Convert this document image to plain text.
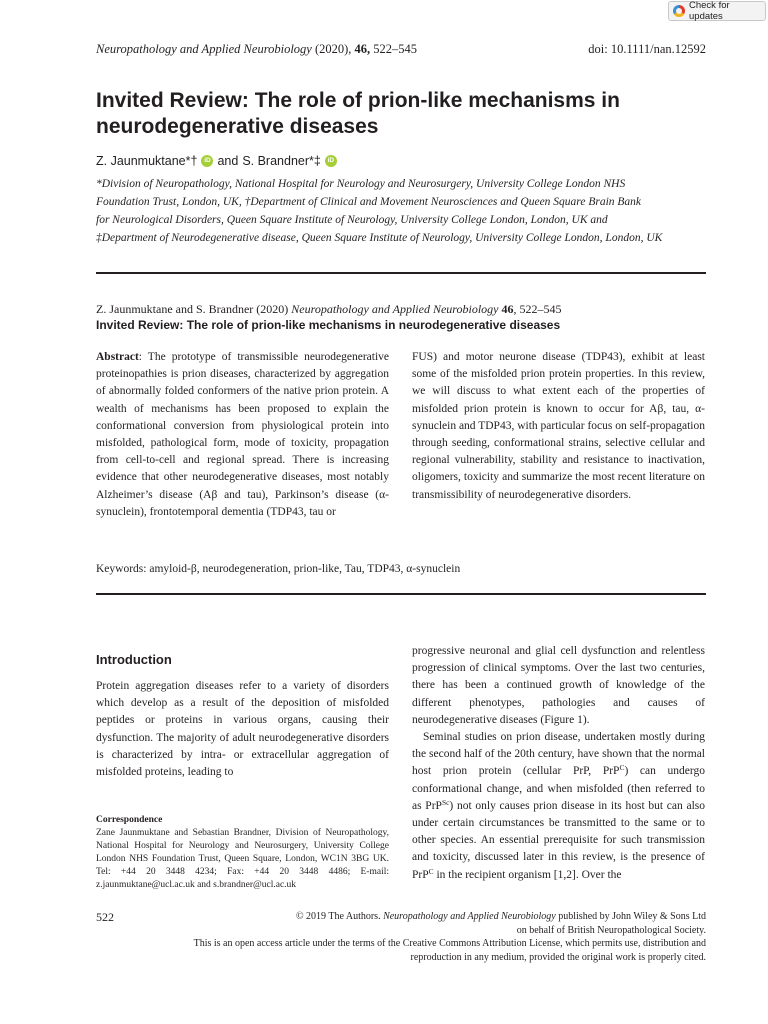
Check for updates
Neuropathology and Applied Neurobiology (2020), 46, 522–545	doi: 10.1111/nan.12592
Invited Review: The role of prion-like mechanisms in neurodegenerative diseases
Z. Jaunmuktane*†	iD and S. Brandner*‡	iD
*Division of Neuropathology, National Hospital for Neurology and Neurosurgery, University College London NHS
Foundation Trust, London, UK, †Department of Clinical and Movement Neurosciences and Queen Square Brain Bank
for Neurological Disorders, Queen Square Institute of Neurology, University College London, London, UK and
‡Department of Neurodegenerative disease, Queen Square Institute of Neurology, University College London, London, UK
Z. Jaunmuktane and S. Brandner (2020) Neuropathology and Applied Neurobiology 46, 522–545
Invited Review: The role of prion-like mechanisms in neurodegenerative diseases
Abstract: The prototype of transmissible neurodegenerative proteinopathies is prion diseases, characterized by aggregation of abnormally folded conformers of the native prion protein. A wealth of mechanisms has been proposed to explain the conformational conversion from physiological protein into misfolded, pathological form, mode of toxicity, propagation from cell-to-cell and regional spread. There is increasing evidence that other neurodegenerative diseases, most notably Alzheimer’s disease (Aβ and tau), Parkinson’s disease (α-synuclein), frontotemporal dementia (TDP43, tau or
FUS) and motor neurone disease (TDP43), exhibit at least some of the misfolded prion protein properties. In this review, we will discuss to what extent each of the properties of misfolded prion protein is known to occur for Aβ, tau, α-synuclein and TDP43, with particular focus on self-propagation through seeding, conformational strains, selective cellular and regional vulnerability, stability and resistance to inactivation, oligomers, toxicity and summarize the most recent literature on transmissibility of neurodegenerative disorders.
Keywords: amyloid-β, neurodegeneration, prion-like, Tau, TDP43, α-synuclein
Introduction
Protein aggregation diseases refer to a variety of disorders which develop as a result of the deposition of misfolded peptides or proteins in various organs, causing their dysfunction. The majority of adult neurodegenerative disorders is characterized by intra- or extracellular aggregation of misfolded proteins, leading to

progressive neuronal and glial cell dysfunction and relentless progression of clinical symptoms. Over the last two centuries, there has been a continued growth of knowledge of the different phenotypes, pathologies and causes of neurodegenerative diseases (Figure 1).

Seminal studies on prion disease, undertaken mostly during the second half of the 20th century, have shown that the normal host prion protein (cellular PrP, PrP$^C$) can undergo conformational change, and when misfolded (then referred to as PrP$^{Sc}$) not only causes prion disease in its host but can also under certain circumstances be transmitted to the same or to other species. An essential prerequisite for such transmission and toxicity, discussed later in this review, is the presence of PrP$^C$ in the recipient organism [1,2]. Over the

Correspondence
Zane Jaunmuktane and Sebastian Brandner, Division of Neuropathology, National Hospital for Neurology and Neurosurgery, University College London NHS Foundation Trust, Queen Square, London, WC1N 3BG UK. Tel: +44 20 3448 4234; Fax: +44 20 3448 4486; E-mail: z.jaunmuktane@ucl.ac.uk and s.brandner@ucl.ac.uk
522	© 2019 The Authors. Neuropathology and Applied Neurobiology published by John Wiley & Sons Ltd
on behalf of British Neuropathological Society.
This is an open access article under the terms of the Creative Commons Attribution License, which permits use, distribution and
reproduction in any medium, provided the original work is properly cited.
